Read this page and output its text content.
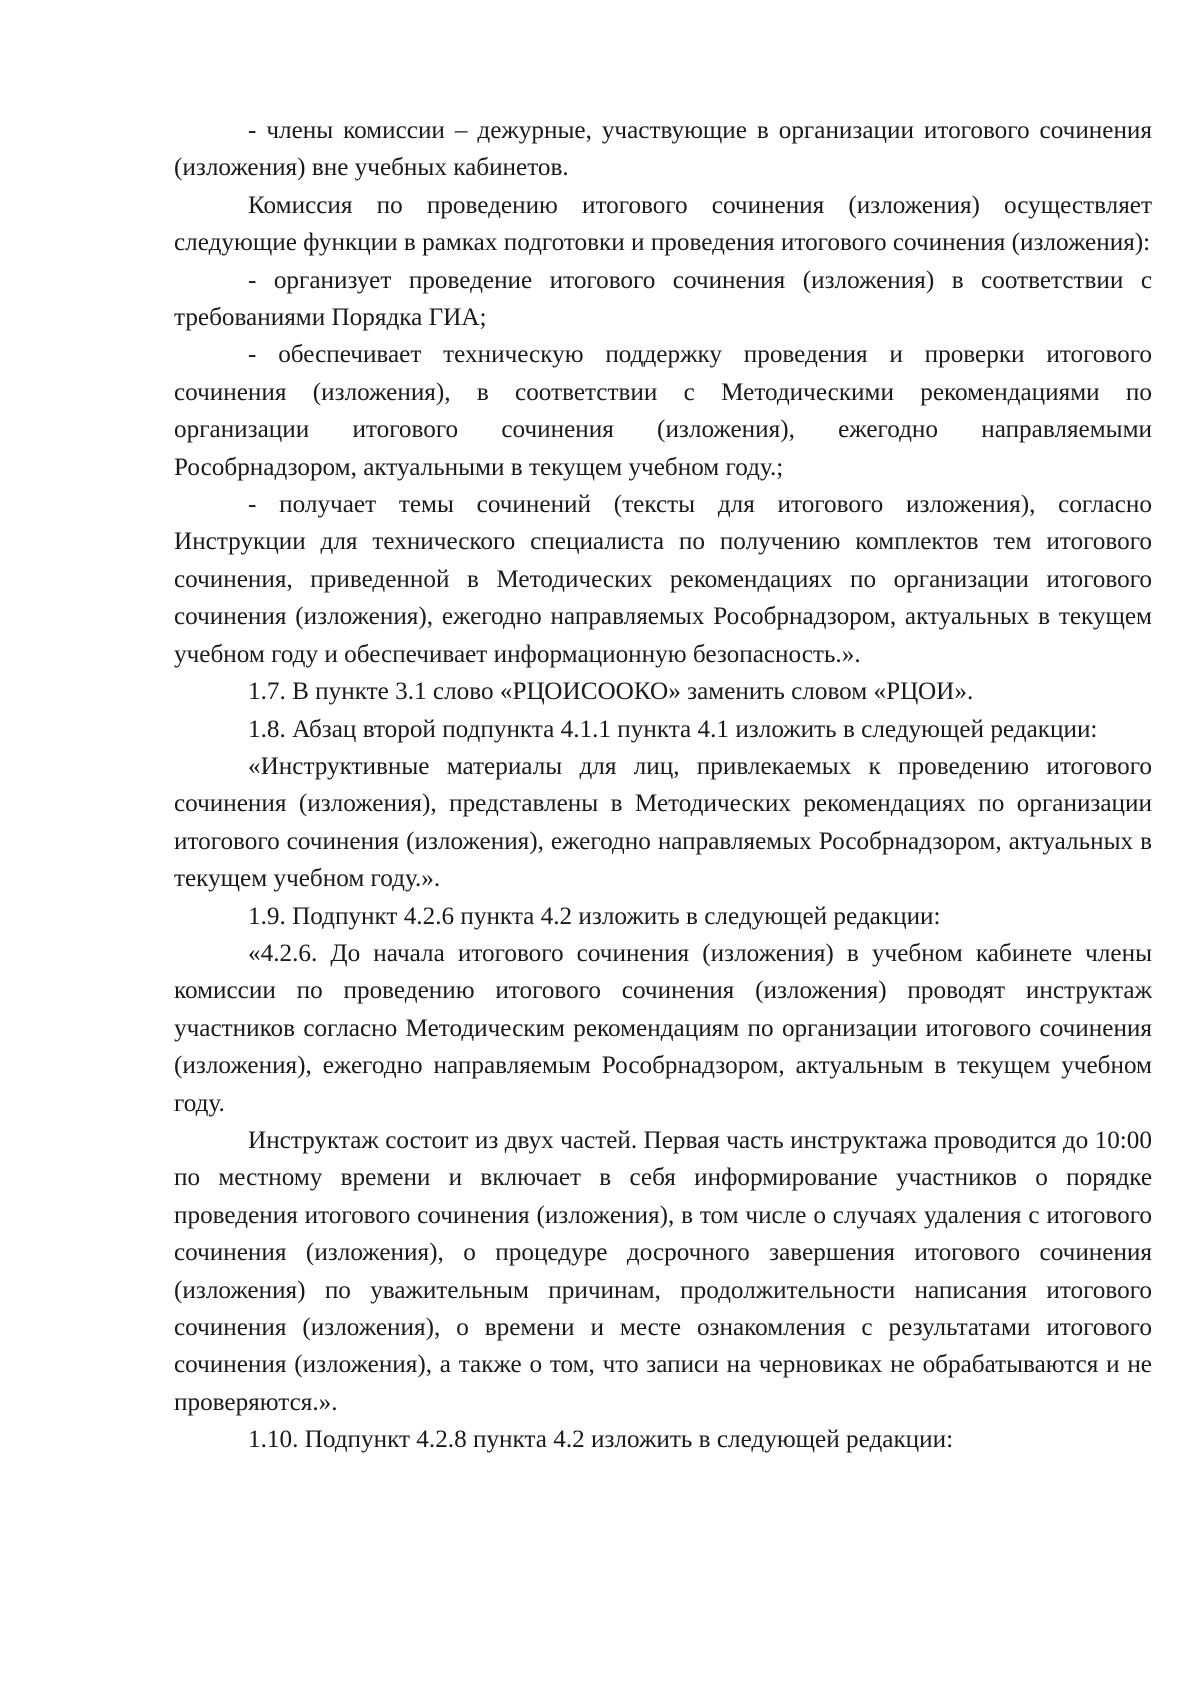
- члены комиссии – дежурные, участвующие в организации итогового сочинения (изложения) вне учебных кабинетов.

Комиссия по проведению итогового сочинения (изложения) осуществляет следующие функции в рамках подготовки и проведения итогового сочинения (изложения):

- организует проведение итогового сочинения (изложения) в соответствии с требованиями Порядка ГИА;

- обеспечивает техническую поддержку проведения и проверки итогового сочинения (изложения), в соответствии с Методическими рекомендациями по организации итогового сочинения (изложения), ежегодно направляемыми Рособрнадзором, актуальными в текущем учебном году.;

- получает темы сочинений (тексты для итогового изложения), согласно Инструкции для технического специалиста по получению комплектов тем итогового сочинения, приведенной в Методических рекомендациях по организации итогового сочинения (изложения), ежегодно направляемых Рособрнадзором, актуальных в текущем учебном году и обеспечивает информационную безопасность.».

1.7. В пункте 3.1 слово «РЦОИСООКО» заменить словом «РЦОИ».

1.8. Абзац второй подпункта 4.1.1 пункта 4.1 изложить в следующей редакции:

«Инструктивные материалы для лиц, привлекаемых к проведению итогового сочинения (изложения), представлены в Методических рекомендациях по организации итогового сочинения (изложения), ежегодно направляемых Рособрнадзором, актуальных в текущем учебном году.».

1.9. Подпункт 4.2.6 пункта 4.2 изложить в следующей редакции:

«4.2.6. До начала итогового сочинения (изложения) в учебном кабинете члены комиссии по проведению итогового сочинения (изложения) проводят инструктаж участников согласно Методическим рекомендациям по организации итогового сочинения (изложения), ежегодно направляемым Рособрнадзором, актуальным в текущем учебном году.

Инструктаж состоит из двух частей. Первая часть инструктажа проводится до 10:00 по местному времени и включает в себя информирование участников о порядке проведения итогового сочинения (изложения), в том числе о случаях удаления с итогового сочинения (изложения), о процедуре досрочного завершения итогового сочинения (изложения) по уважительным причинам, продолжительности написания итогового сочинения (изложения), о времени и месте ознакомления с результатами итогового сочинения (изложения), а также о том, что записи на черновиках не обрабатываются и не проверяются.».

1.10. Подпункт 4.2.8 пункта 4.2 изложить в следующей редакции:
